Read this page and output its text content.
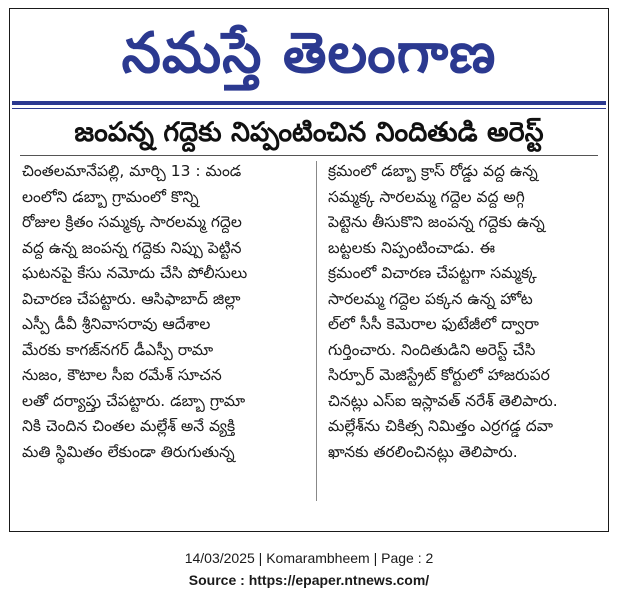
నమస్తే తెలంగాణ
జంపన్న గద్దెకు నిప్పంటించిన నిందితుడి అరెస్ట్
చింతలమానేపల్లి, మార్చి 13 : మండ
లంలోని డబ్బా గ్రామంలో కొన్ని
రోజుల క్రితం సమ్మక్క సారలమ్మ గద్దెల
వద్ద ఉన్న జంపన్న గద్దెకు నిప్పు పెట్టిన
ఘటనపై కేసు నమోదు చేసి పోలీసులు
విచారణ చేపట్టారు. ఆసిఫాబాద్ జిల్లా
ఎస్పీ డీవీ శ్రీనివాసరావు ఆదేశాల
మేరకు కాగజ్‌నగర్ డీఎస్పీ రామా
నుజం, కౌటాల సీఐ రమేశ్ సూచన
లతో దర్యాప్తు చేపట్టారు. డబ్బా గ్రామా
నికి చెందిన చింతల మల్లేశ్ అనే వ్యక్తి
మతి స్థిమితం లేకుండా తిరుగుతున్న
క్రమంలో డబ్బా క్రాస్ రోడ్డు వద్ద ఉన్న
సమ్మక్క సారలమ్మ గద్దెల వద్ద అగ్గి
పెట్టెను తీసుకొని జంపన్న గద్దెకు ఉన్న
బట్టలకు నిప్పంటించాడు. ఈ
క్రమంలో విచారణ చేపట్టగా సమ్మక్క
సారలమ్మ గద్దెల పక్కన ఉన్న హోట
ల్‌లో సీసీ కెమెరాల ఫుటేజీలో ద్వారా
గుర్తించారు. నిందితుడిని అరెస్ట్ చేసి
సిర్పూర్ మెజిస్ట్రేట్ కోర్టులో హాజరుపర
చినట్లు ఎస్ఐ ఇస్లావత్ నరేశ్ తెలిపారు.
మల్లేశ్‌ను చికిత్స నిమిత్తం ఎర్రగడ్డ దవా
ఖానకు తరలించినట్లు తెలిపారు.
14/03/2025 | Komarambheem | Page : 2
Source : https://epaper.ntnews.com/
